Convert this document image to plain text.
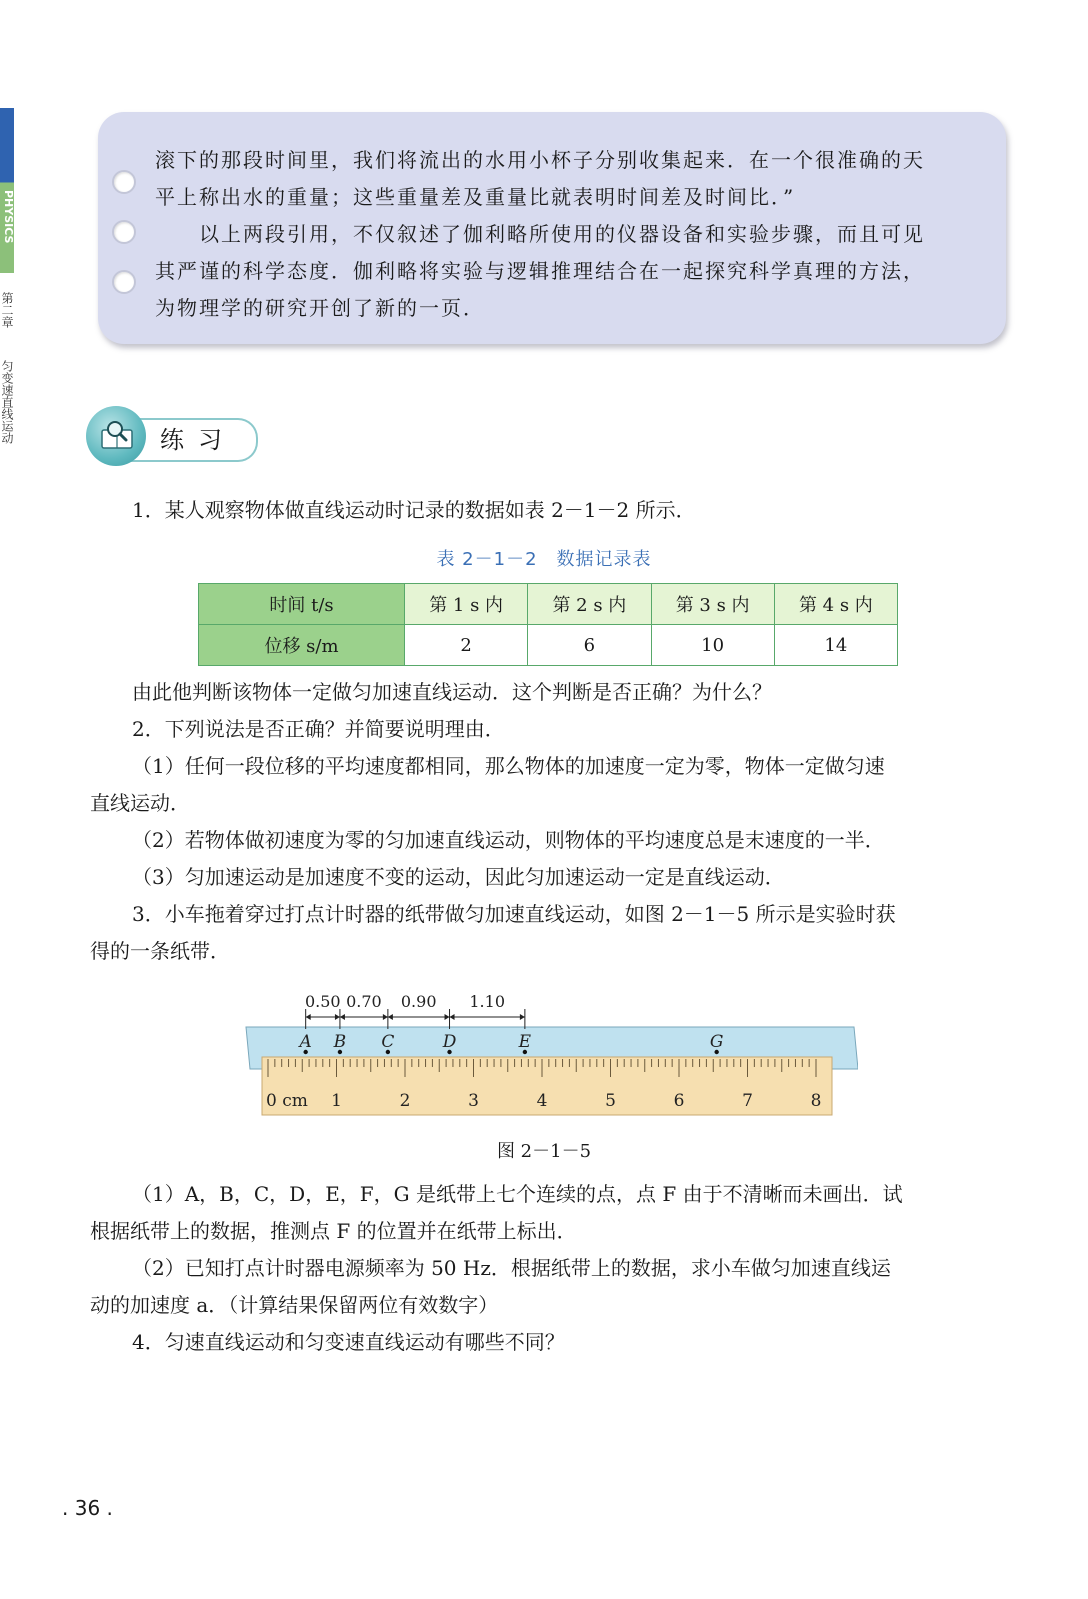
PHYSICS
第二章
匀变速直线运动

滚下的那段时间里，我们将流出的水用小杯子分别收集起来．在一个很准确的天

平上称出水的重量；这些重量差及重量比就表明时间差及时间比．”

以上两段引用，不仅叙述了伽利略所使用的仪器设备和实验步骤，而且可见

其严谨的科学态度．伽利略将实验与逻辑推理结合在一起探究科学真理的方法，

为物理学的研究开创了新的一页．

练习

1．某人观察物体做直线运动时记录的数据如表 2－1－2 所示．

表 2－1－2　数据记录表
时间 t/s	第 1 s 内	第 2 s 内	第 3 s 内	第 4 s 内
位移 s/m	2	6	10	14

由此他判断该物体一定做匀加速直线运动．这个判断是否正确？为什么？

2．下列说法是否正确？并简要说明理由．

（1）任何一段位移的平均速度都相同，那么物体的加速度一定为零，物体一定做匀速

直线运动．

（2）若物体做初速度为零的匀加速直线运动，则物体的平均速度总是末速度的一半．

（3）匀加速运动是加速度不变的运动，因此匀加速运动一定是直线运动．

3．小车拖着穿过打点计时器的纸带做匀加速直线运动，如图 2－1－5 所示是实验时获

得的一条纸带．

0 cm 1	2	3	4	5	6	7	8
A B C	D	E	G
0.50 0.70 0.90 1.10
图 2－1－5

（1）A，B，C，D，E，F，G 是纸带上七个连续的点，点 F 由于不清晰而未画出．试

根据纸带上的数据，推测点 F 的位置并在纸带上标出．

（2）已知打点计时器电源频率为 50 Hz．根据纸带上的数据，求小车做匀加速直线运

动的加速度 a．（计算结果保留两位有效数字）

4．匀速直线运动和匀变速直线运动有哪些不同？

. 36 .
